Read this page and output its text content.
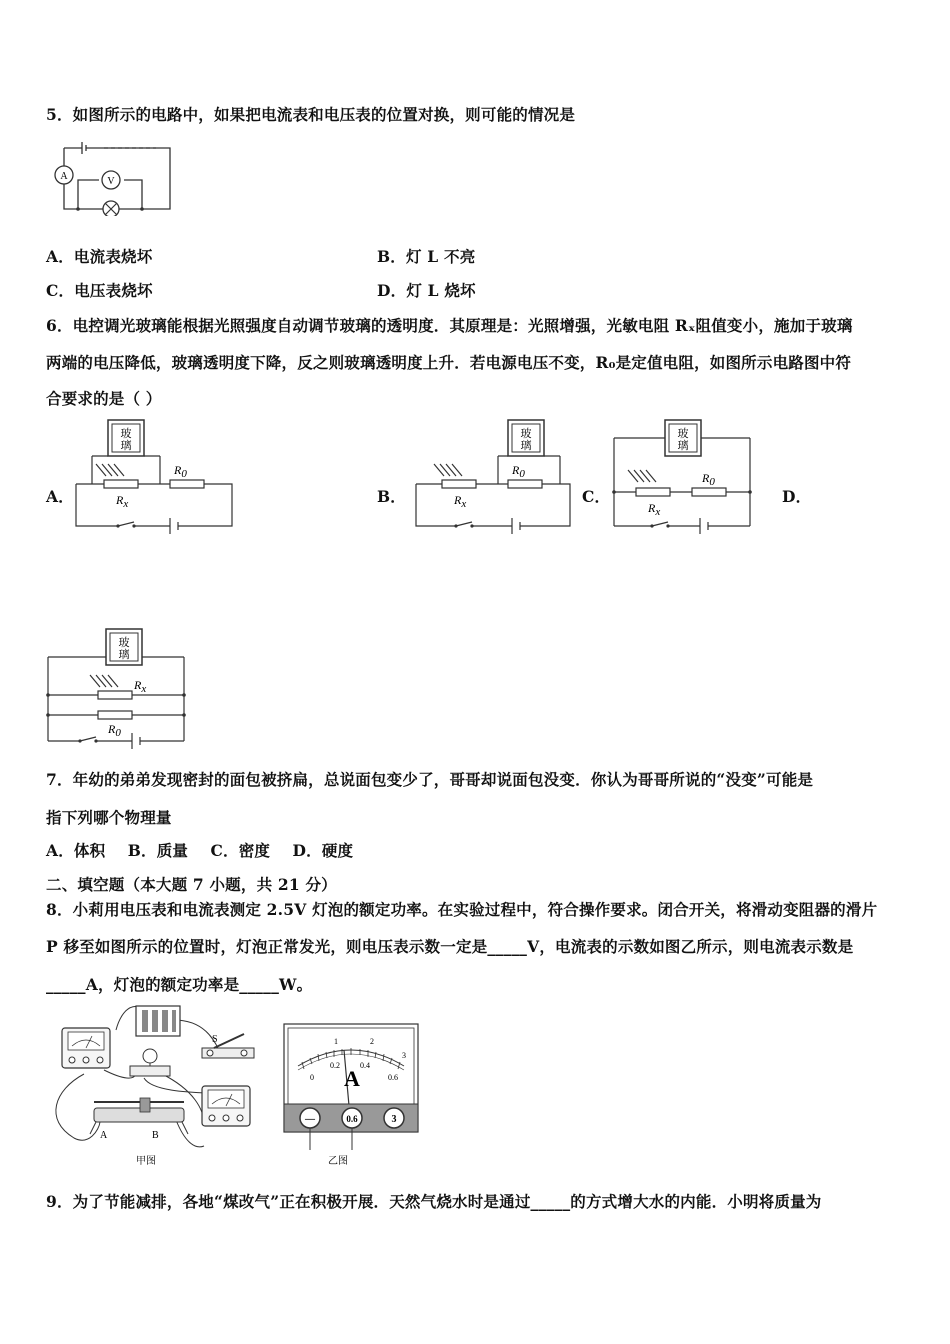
5．如图所示的电路中，如果把电流表和电压表的位置对换，则可能的情况是
A	V
A．电流表烧坏	B．灯 L 不亮
C．电压表烧坏	D．灯 L 烧坏
6．电控调光玻璃能根据光照强度自动调节玻璃的透明度．其原理是：光照增强，光敏电阻 Rₓ阻值变小，施加于玻璃
两端的电压降低，玻璃透明度下降，反之则玻璃透明度上升．若电源电压不变，R₀是定值电阻，如图所示电路图中符
合要求的是（ ）
A．	B．	C．	D．
玻
璃
R0
Rx
玻
璃
R0
Rx
玻
璃
R0
Rx
玻
璃
Rx
R0
7．年幼的弟弟发现密封的面包被挤扁，总说面包变少了，哥哥却说面包没变．你认为哥哥所说的“没变”可能是
指下列哪个物理量
A．体积    B．质量    C．密度    D．硬度
二、填空题（本大题 7 小题，共 21 分）
8．小莉用电压表和电流表测定 2.5V 灯泡的额定功率。在实验过程中，符合操作要求。闭合开关，将滑动变阻器的滑片
P 移至如图所示的位置时，灯泡正常发光，则电压表示数一定是_____V，电流表的示数如图乙所示，则电流表示数是
_____A，灯泡的额定功率是_____W。
S
A	B
甲图
1	2
3
0
0.2	0.4
0.6
A
—	0.6	3
乙图
9．为了节能减排，各地“煤改气”正在积极开展．天然气烧水时是通过_____的方式增大水的内能．小明将质量为
